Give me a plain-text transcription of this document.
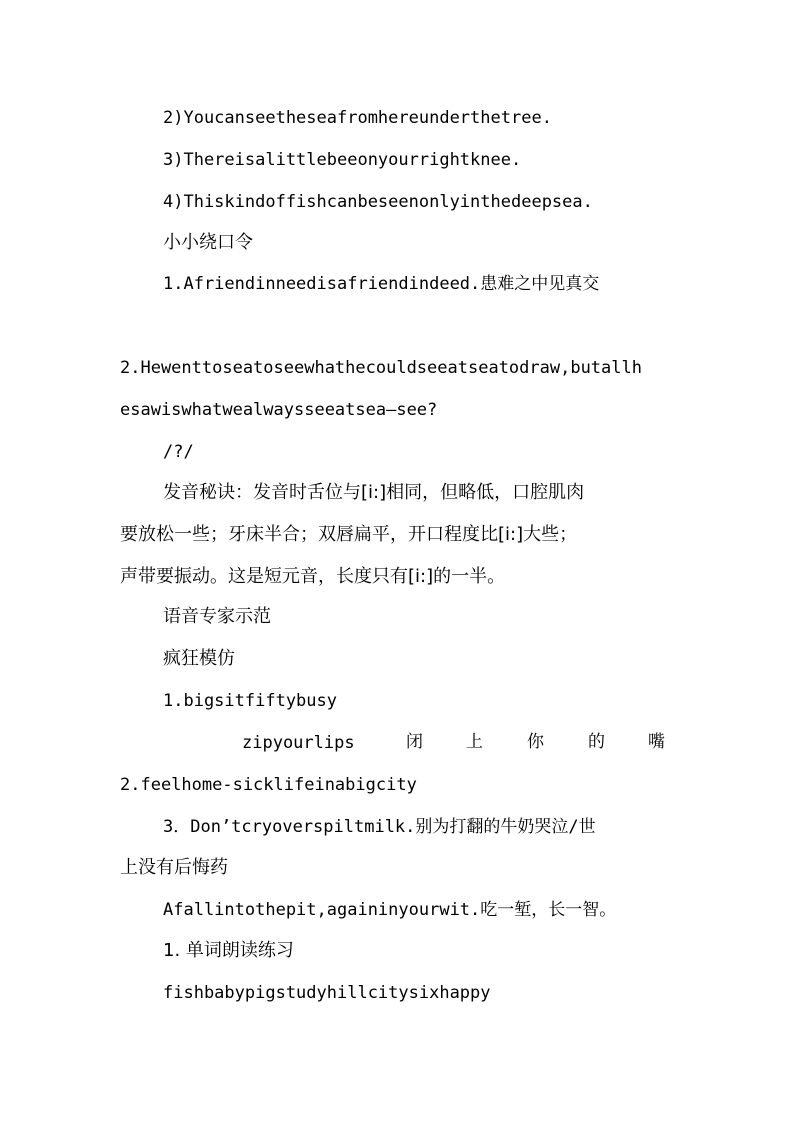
2)Youcanseetheseafromhereunderthetree.
3)Thereisalittlebeeonyourrightknee.
4)Thiskindoffishcanbeseenonlyinthedeepsea.
小小绕口令
1.Afriendinneedisafriendindeed.患难之中见真交
2.Hewenttoseatoseewhathecouldseeatseatodraw,butallh
esawiswhatwealwaysseeatsea—see?
/?/
发音秘诀：发音时舌位与[i:]相同，但略低，口腔肌肉
要放松一些；牙床半合；双唇扁平，开口程度比[i:]大些；
声带要振动。这是短元音，长度只有[i:]的一半。
语音专家示范
疯狂模仿
1.bigsitfiftybusy
zipyourlips	闭	上	你	的	嘴
2.feelhome-sicklifeinabigcity
3．Don’tcryoverspiltmilk.别为打翻的牛奶哭泣/世
上没有后悔药
Afallintothepit,againinyourwit.吃一堑，长一智。
1. 单词朗读练习
fishbabypigstudyhillcitysixhappy
